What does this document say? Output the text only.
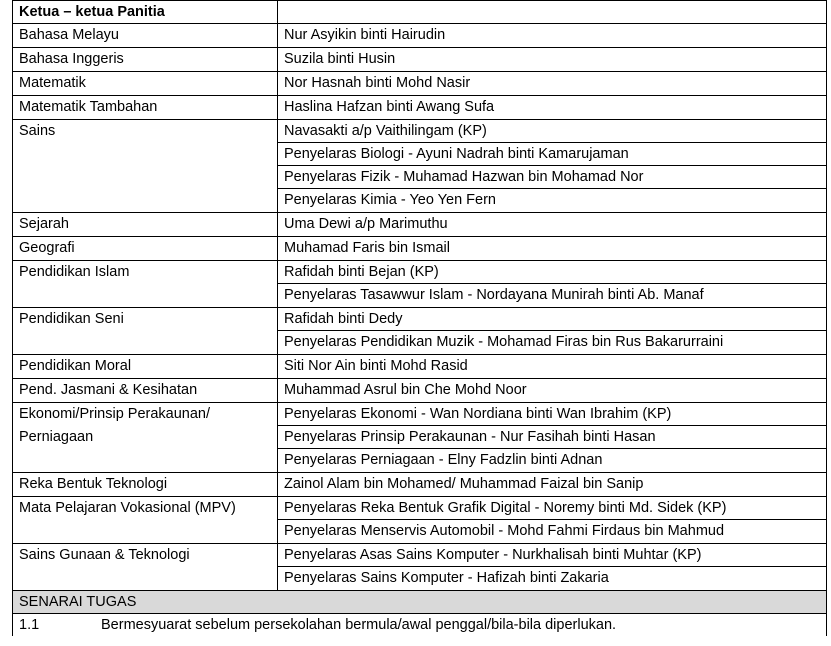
Ketua – ketua Panitia	

Bahasa Melayu	Nur Asyikin binti Hairudin

Bahasa Inggeris	Suzila binti Husin

Matematik	Nor Hasnah binti Mohd Nasir

Matematik Tambahan	Haslina Hafzan binti Awang Sufa

Sains	Navasakti a/p Vaithilingam (KP)
Penyelaras Biologi - Ayuni Nadrah binti Kamarujaman
Penyelaras Fizik - Muhamad Hazwan bin Mohamad Nor
Penyelaras Kimia - Yeo Yen Fern

Sejarah	Uma Dewi a/p Marimuthu

Geografi	Muhamad Faris bin Ismail

Pendidikan Islam	Rafidah binti Bejan (KP)
Penyelaras Tasawwur Islam - Nordayana Munirah binti Ab. Manaf

Pendidikan Seni	Rafidah binti Dedy
Penyelaras Pendidikan Muzik - Mohamad Firas bin Rus Bakarurraini

Pendidikan Moral	Siti Nor Ain binti Mohd Rasid

Pend. Jasmani & Kesihatan	Muhammad Asrul bin Che Mohd Noor

Ekonomi/Prinsip Perakaunan/
Perniagaan	Penyelaras Ekonomi - Wan Nordiana binti Wan Ibrahim (KP)
Penyelaras Prinsip Perakaunan - Nur Fasihah binti Hasan
Penyelaras Perniagaan - Elny Fadzlin binti Adnan

Reka Bentuk Teknologi	Zainol Alam bin Mohamed/ Muhammad Faizal bin Sanip

Mata Pelajaran Vokasional (MPV)	Penyelaras Reka Bentuk Grafik Digital - Noremy binti Md. Sidek (KP)
Penyelaras Menservis Automobil - Mohd Fahmi Firdaus bin Mahmud

Sains Gunaan & Teknologi	Penyelaras Asas Sains Komputer - Nurkhalisah binti Muhtar (KP)
Penyelaras Sains Komputer - Hafizah binti Zakaria

SENARAI TUGAS	
1.1 Bermesyuarat sebelum persekolahan bermula/awal penggal/bila-bila diperlukan.	
